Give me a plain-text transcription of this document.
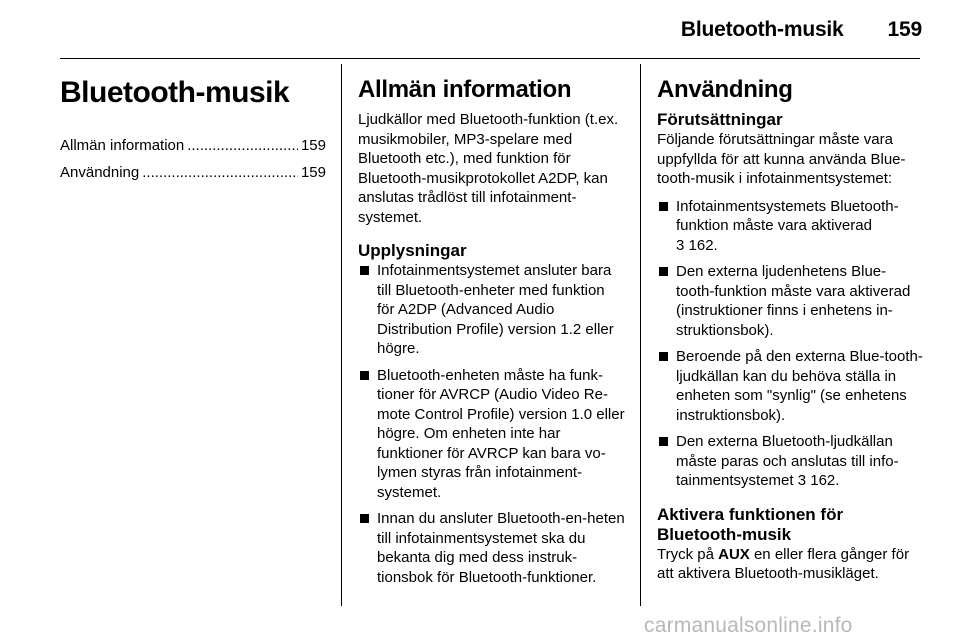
Bluetooth-musik 159
Bluetooth-musik
Allmän information .....	159
Användning .....	159
Allmän information

Ljudkällor med Bluetooth-funktion (t.ex. musikmobiler, MP3-spelare med Bluetooth etc.), med funktion för Bluetooth-musikprotokollet A2DP, kan anslutas trådlöst till infotainment-systemet.

Upplysningar
Infotainmentsystemet ansluter bara till Bluetooth-enheter med funktion för A2DP (Advanced Audio Distribution Profile) version 1.2 eller högre.
Bluetooth-enheten måste ha funk-tioner för AVRCP (Audio Video Re-mote Control Profile) version 1.0 eller högre. Om enheten inte har funktioner för AVRCP kan bara vo-lymen styras från infotainment-systemet.
Innan du ansluter Bluetooth-en-heten till infotainmentsystemet ska du bekanta dig med dess instruk-tionsbok för Bluetooth-funktioner.
Användning
Förutsättningar

Följande förutsättningar måste vara uppfyllda för att kunna använda Blue-tooth-musik i infotainmentsystemet:

Infotainmentsystemets Bluetooth-funktion måste vara aktiverad
3 162.
Den externa ljudenhetens Blue-tooth-funktion måste vara aktiverad (instruktioner finns i enhetens in-struktionsbok).
Beroende på den externa Blue-tooth-ljudkällan kan du behöva ställa in enheten som "synlig" (se enhetens instruktionsbok).
Den externa Bluetooth-ljudkällan måste paras och anslutas till info-tainmentsystemet 3 162.
Aktivera funktionen för Bluetooth-musik

Tryck på AUX en eller flera gånger för att aktivera Bluetooth-musikläget.

carmanualsonline.info
